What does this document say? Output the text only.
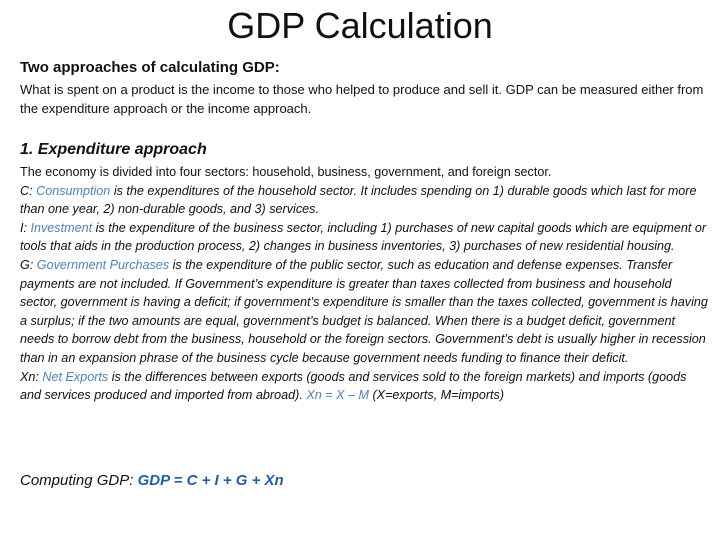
GDP Calculation
Two approaches of calculating GDP:
What is spent on a product is the income to those who helped to produce and sell it. GDP can be measured either from the expenditure approach or the income approach.
1. Expenditure approach

The economy is divided into four sectors: household, business, government, and foreign sector.

C: Consumption is the expenditures of the household sector. It includes spending on 1) durable goods which last for more than one year, 2) non-durable goods, and 3) services.

I: Investment is the expenditure of the business sector, including 1) purchases of new capital goods which are equipment or tools that aids in the production process, 2) changes in business inventories, 3) purchases of new residential housing.

G: Government Purchases is the expenditure of the public sector, such as education and defense expenses. Transfer payments are not included. If Government’s expenditure is greater than taxes collected from business and household sector, government is having a deficit; if government’s expenditure is smaller than the taxes collected, government is having a surplus; if the two amounts are equal, government’s budget is balanced. When there is a budget deficit, government needs to borrow debt from the business, household or the foreign sectors. Government’s debt is usually higher in recession than in an expansion phrase of the business cycle because government needs funding to finance their deficit.

Xn: Net Exports is the differences between exports (goods and services sold to the foreign markets) and imports (goods and services produced and imported from abroad). Xn = X – M (X=exports, M=imports)

Computing GDP: GDP = C + I + G + Xn
